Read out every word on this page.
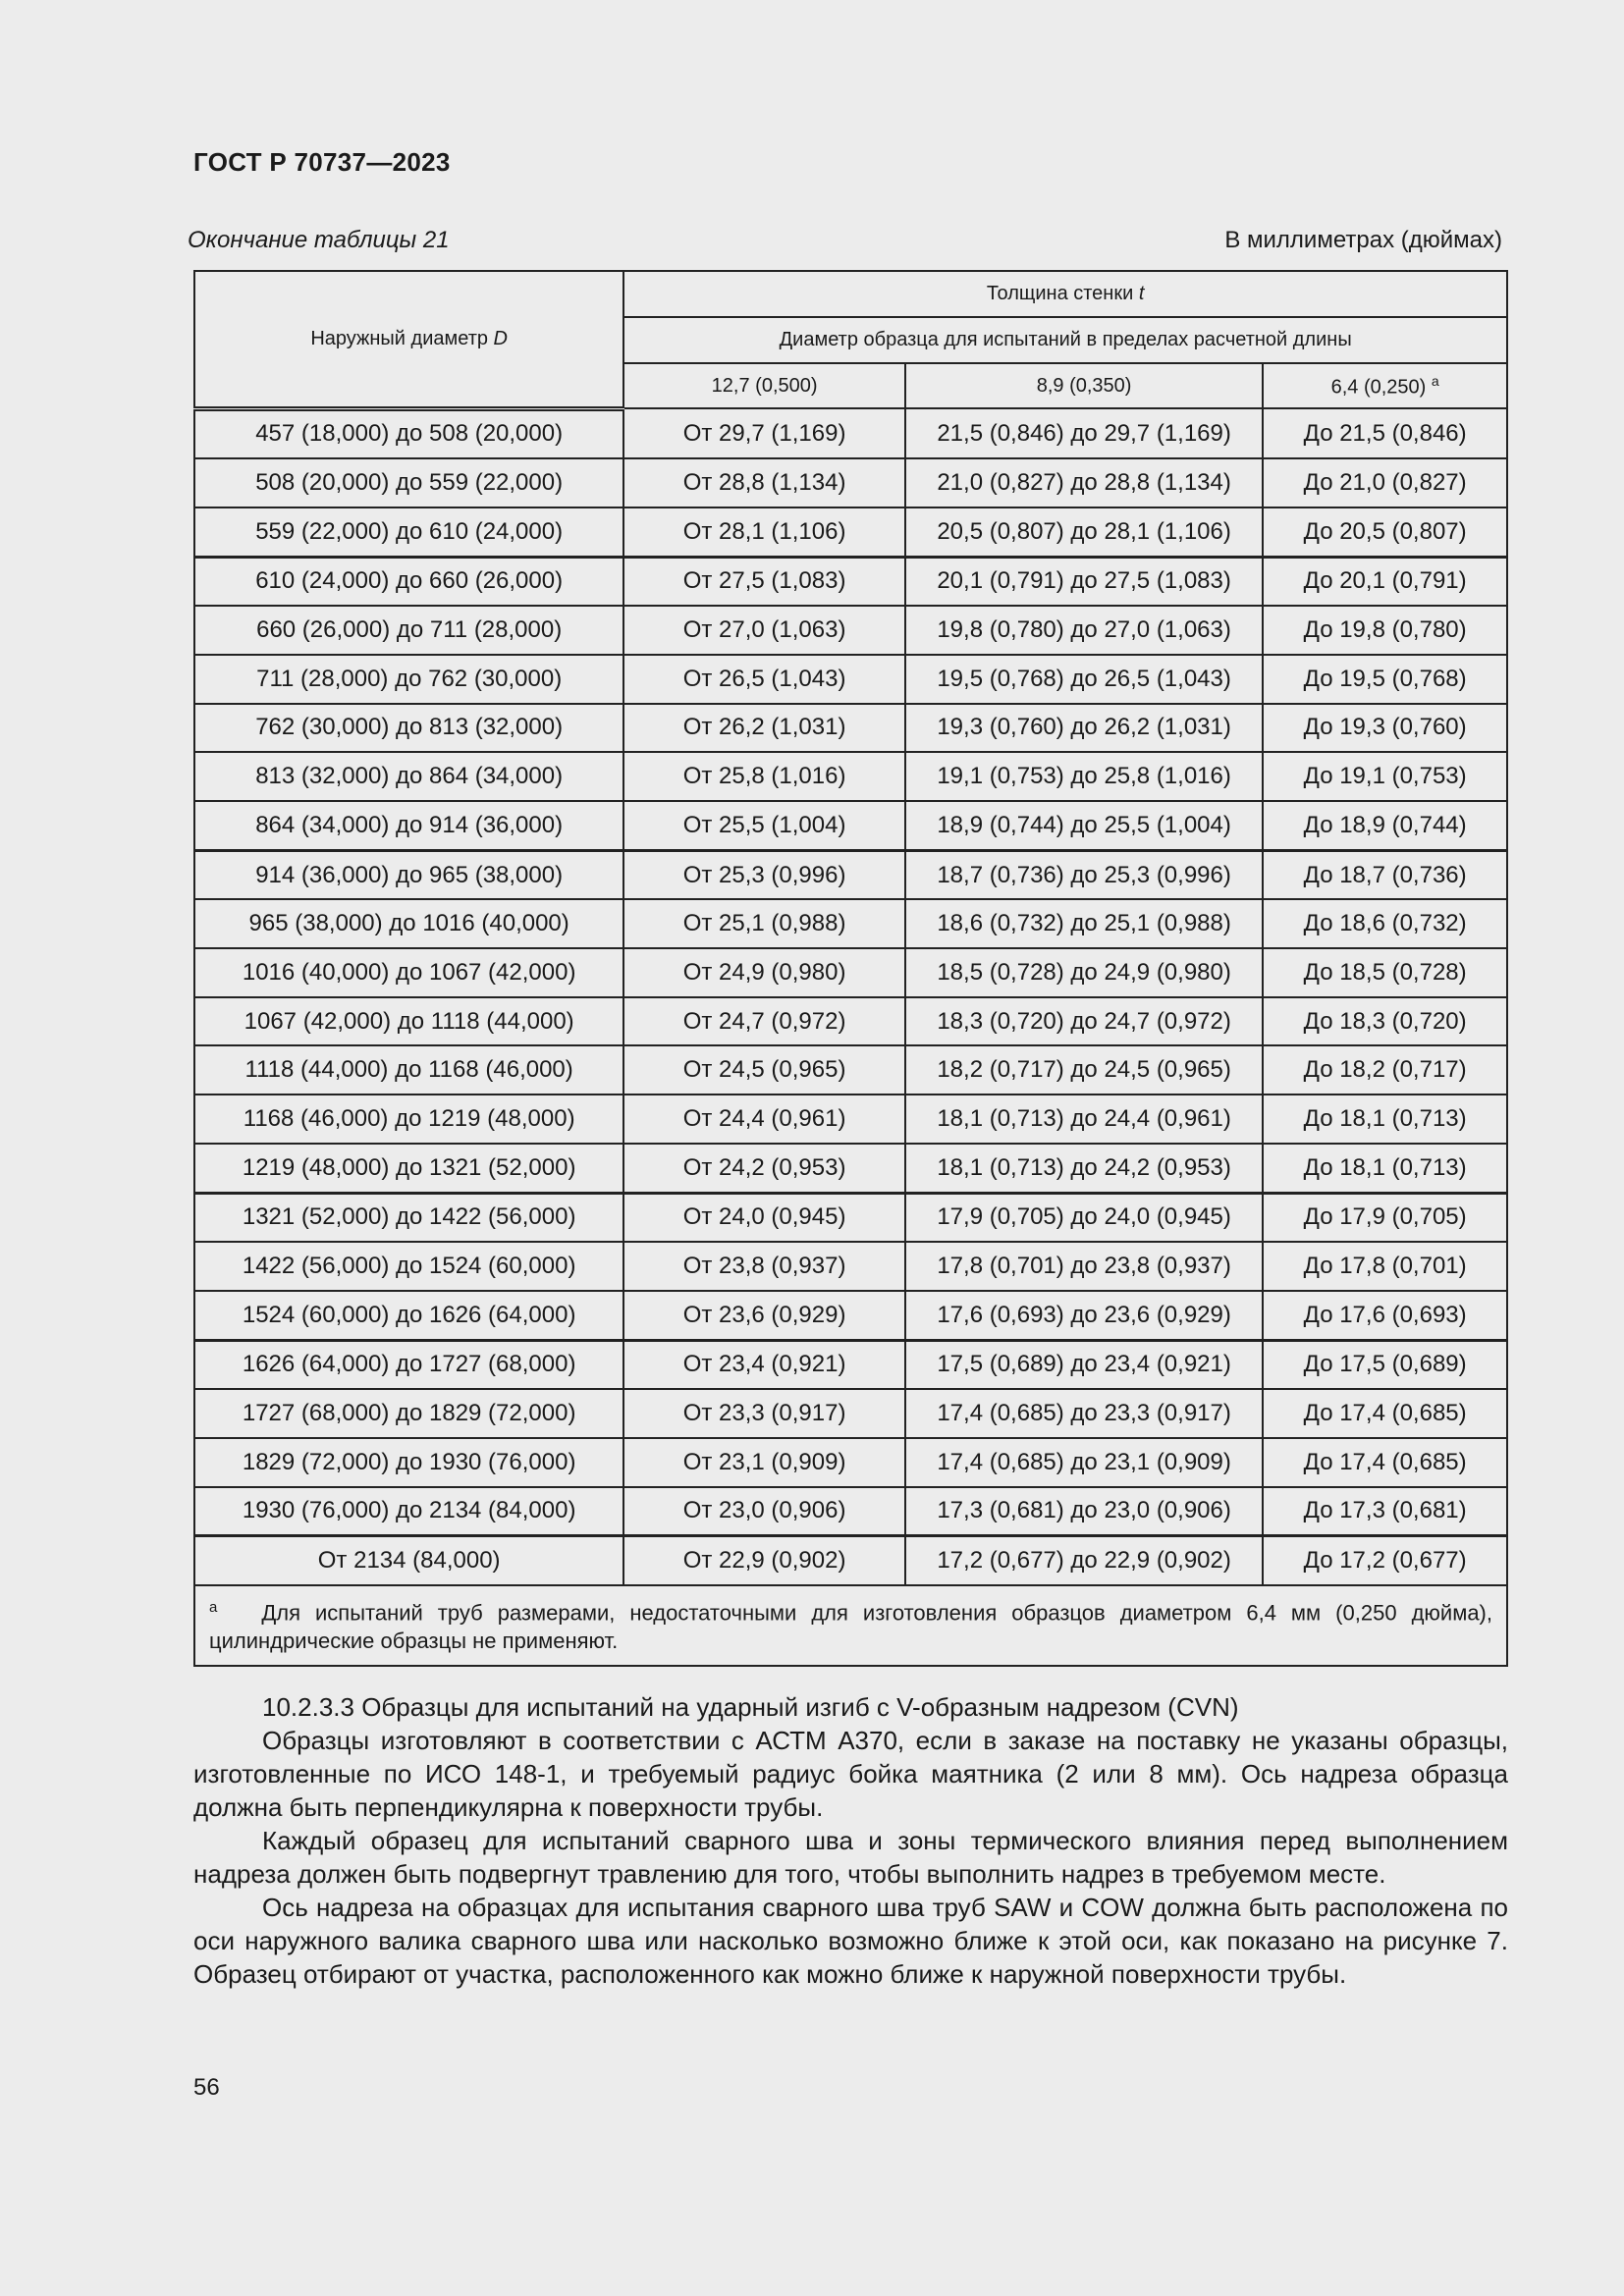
ГОСТ Р 70737—2023
Окончание таблицы 21	В миллиметрах (дюймах)
Наружный диаметр D	Толщина стенки t		
	Диаметр образца для испытаний в пределах расчетной длины		
	12,7 (0,500)	8,9 (0,350)	6,4 (0,250) $^а$
457 (18,000) до 508 (20,000)	От 29,7 (1,169)	21,5 (0,846) до 29,7 (1,169)	До 21,5 (0,846)
508 (20,000) до 559 (22,000)	От 28,8 (1,134)	21,0 (0,827) до 28,8 (1,134)	До 21,0 (0,827)
559 (22,000) до 610 (24,000)	От 28,1 (1,106)	20,5 (0,807) до 28,1 (1,106)	До 20,5 (0,807)
610 (24,000) до 660 (26,000)	От 27,5 (1,083)	20,1 (0,791) до 27,5 (1,083)	До 20,1 (0,791)
660 (26,000) до 711 (28,000)	От 27,0 (1,063)	19,8 (0,780) до 27,0 (1,063)	До 19,8 (0,780)
711 (28,000) до 762 (30,000)	От 26,5 (1,043)	19,5 (0,768) до 26,5 (1,043)	До 19,5 (0,768)
762 (30,000) до 813 (32,000)	От 26,2 (1,031)	19,3 (0,760) до 26,2 (1,031)	До 19,3 (0,760)
813 (32,000) до 864 (34,000)	От 25,8 (1,016)	19,1 (0,753) до 25,8 (1,016)	До 19,1 (0,753)
864 (34,000) до 914 (36,000)	От 25,5 (1,004)	18,9 (0,744) до 25,5 (1,004)	До 18,9 (0,744)
914 (36,000) до 965 (38,000)	От 25,3 (0,996)	18,7 (0,736) до 25,3 (0,996)	До 18,7 (0,736)
965 (38,000) до 1016 (40,000)	От 25,1 (0,988)	18,6 (0,732) до 25,1 (0,988)	До 18,6 (0,732)
1016 (40,000) до 1067 (42,000)	От 24,9 (0,980)	18,5 (0,728) до 24,9 (0,980)	До 18,5 (0,728)
1067 (42,000) до 1118 (44,000)	От 24,7 (0,972)	18,3 (0,720) до 24,7 (0,972)	До 18,3 (0,720)
1118 (44,000) до 1168 (46,000)	От 24,5 (0,965)	18,2 (0,717) до 24,5 (0,965)	До 18,2 (0,717)
1168 (46,000) до 1219 (48,000)	От 24,4 (0,961)	18,1 (0,713) до 24,4 (0,961)	До 18,1 (0,713)
1219 (48,000) до 1321 (52,000)	От 24,2 (0,953)	18,1 (0,713) до 24,2 (0,953)	До 18,1 (0,713)
1321 (52,000) до 1422 (56,000)	От 24,0 (0,945)	17,9 (0,705) до 24,0 (0,945)	До 17,9 (0,705)
1422 (56,000) до 1524 (60,000)	От 23,8 (0,937)	17,8 (0,701) до 23,8 (0,937)	До 17,8 (0,701)
1524 (60,000) до 1626 (64,000)	От 23,6 (0,929)	17,6 (0,693) до 23,6 (0,929)	До 17,6 (0,693)
1626 (64,000) до 1727 (68,000)	От 23,4 (0,921)	17,5 (0,689) до 23,4 (0,921)	До 17,5 (0,689)
1727 (68,000) до 1829 (72,000)	От 23,3 (0,917)	17,4 (0,685) до 23,3 (0,917)	До 17,4 (0,685)
1829 (72,000) до 1930 (76,000)	От 23,1 (0,909)	17,4 (0,685) до 23,1 (0,909)	До 17,4 (0,685)
1930 (76,000) до 2134 (84,000)	От 23,0 (0,906)	17,3 (0,681) до 23,0 (0,906)	До 17,3 (0,681)
От 2134 (84,000)	От 22,9 (0,902)	17,2 (0,677) до 22,9 (0,902)	До 17,2 (0,677)
$^а$ Для испытаний труб размерами, недостаточными для изготовления образцов диаметром 6,4 мм (0,250 дюйма), цилиндрические образцы не применяют.			

10.2.3.3 Образцы для испытаний на ударный изгиб с V-образным надрезом (CVN)

Образцы изготовляют в соответствии с АСТМ А370, если в заказе на поставку не указаны образцы, изготовленные по ИСО 148-1, и требуемый радиус бойка маятника (2 или 8 мм). Ось надреза образца должна быть перпендикулярна к поверхности трубы.

Каждый образец для испытаний сварного шва и зоны термического влияния перед выполнением надреза должен быть подвергнут травлению для того, чтобы выполнить надрез в требуемом месте.

Ось надреза на образцах для испытания сварного шва труб SAW и COW должна быть расположена по оси наружного валика сварного шва или насколько возможно ближе к этой оси, как показано на рисунке 7. Образец отбирают от участка, расположенного как можно ближе к наружной поверхности трубы.

56
